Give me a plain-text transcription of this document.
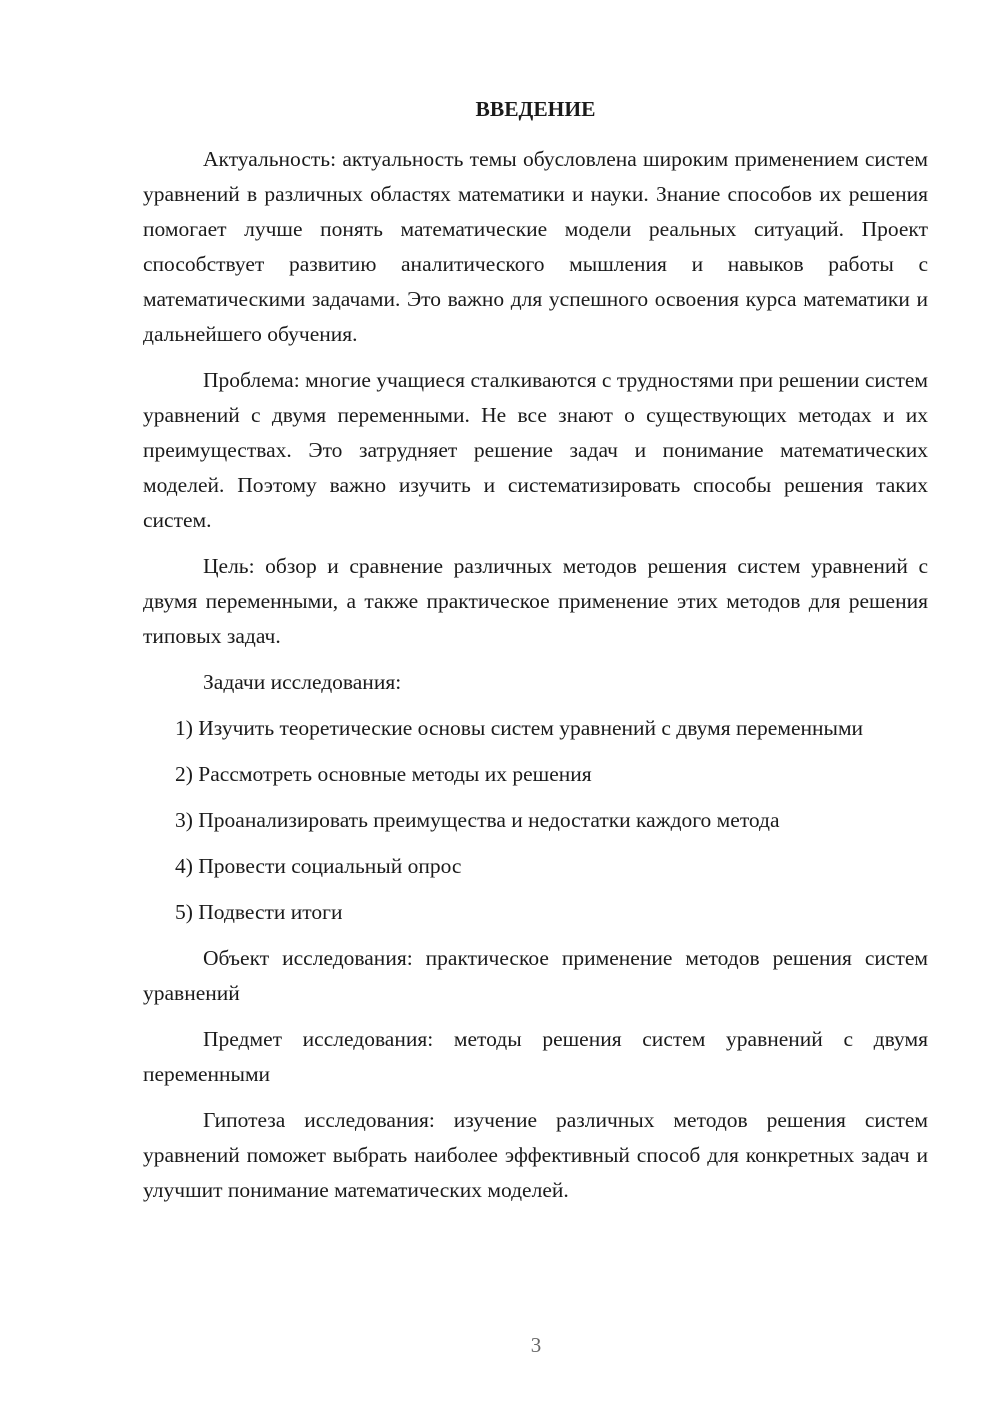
ВВЕДЕНИЕ

Актуальность: актуальность темы обусловлена широким применением систем уравнений в различных областях математики и науки. Знание способов их решения помогает лучше понять математические модели реальных ситуаций. Проект способствует развитию аналитического мышления и навыков работы с математическими задачами. Это важно для успешного освоения курса математики и дальнейшего обучения.

Проблема: многие учащиеся сталкиваются с трудностями при решении систем уравнений с двумя переменными. Не все знают о существующих методах и их преимуществах. Это затрудняет решение задач и понимание математических моделей. Поэтому важно изучить и систематизировать способы решения таких систем.

Цель: обзор и сравнение различных методов решения систем уравнений с двумя переменными, а также практическое применение этих методов для решения типовых задач.

Задачи исследования:

1) Изучить теоретические основы систем уравнений с двумя переменными

2) Рассмотреть основные методы их решения

3) Проанализировать преимущества и недостатки каждого метода

4) Провести социальный опрос

5) Подвести итоги

Объект исследования: практическое применение методов решения систем уравнений

Предмет исследования: методы решения систем уравнений с двумя переменными

Гипотеза исследования: изучение различных методов решения систем уравнений поможет выбрать наиболее эффективный способ для конкретных задач и улучшит понимание математических моделей.

3
